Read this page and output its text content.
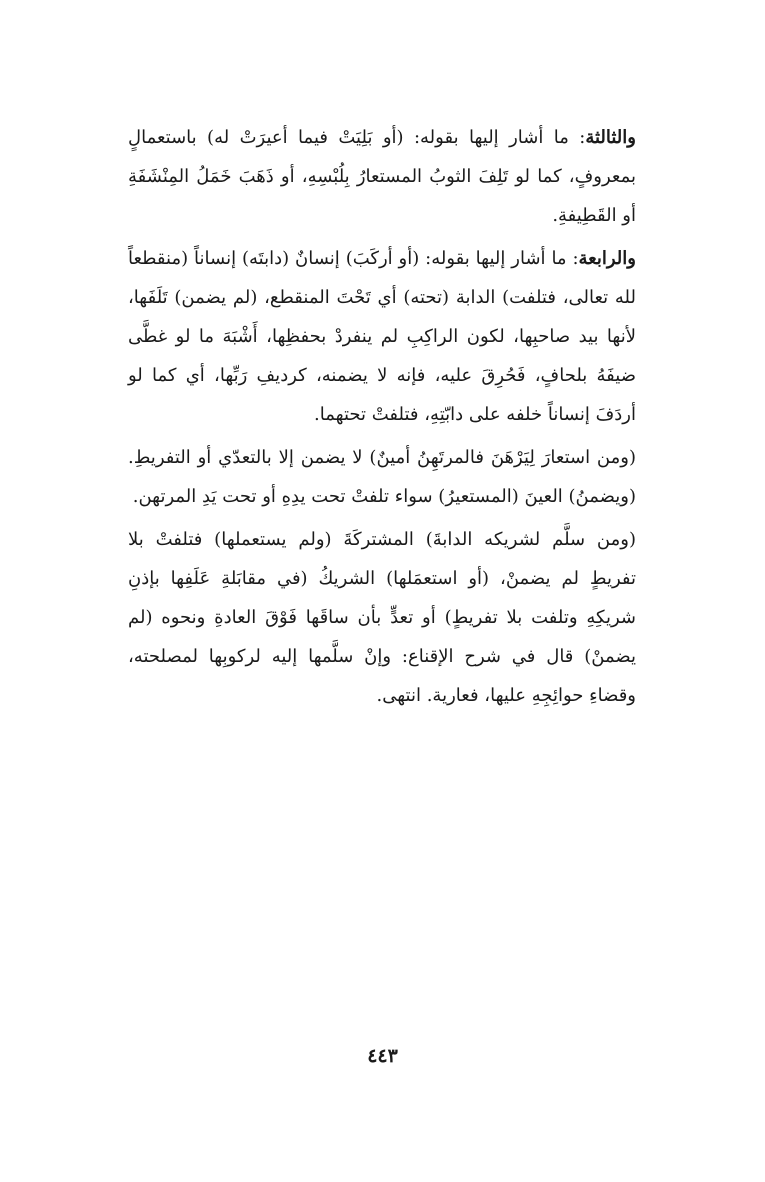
والثالثة: ما أشار إليها بقوله: (أو بَلِيَتْ فيما أعيرَتْ له) باستعمالٍ بمعروفٍ، كما لو تَلِفَ الثوبُ المستعارُ بِلُبْسِهِ، أو ذَهَبَ خَمَلُ المِنْشَفَةِ أو القَطِيفةِ.

والرابعة: ما أشار إليها بقوله: (أو أركَبَ) إنسانٌ (دابتَه) إنساناً (منقطعاً لله تعالى، فتلفت) الدابة (تحته) أي تَحْتَ المنقطع، (لم يضمن) تَلَفَها، لأنها بيد صاحبِها، لكون الراكِبِ لم ينفردْ بحفظِها، أَشْبَهَ ما لو غطَّى ضيفَهُ بلحافٍ، فَحُرِقَ عليه، فإنه لا يضمنه، كرديفِ رَبِّها، أي كما لو أردَفَ إنساناً خلفه على دابّتِهِ، فتلفتْ تحتهما.

(ومن استعارَ لِيَرْهَنَ فالمرتَهِنُ أمينٌ) لا يضمن إلا بالتعدّي أو التفريطِ. (ويضمنُ) العينَ (المستعيرُ) سواء تلفتْ تحت يدِهِ أو تحت يَدِ المرتهن.

(ومن سلَّم لشريكه الدابةَ) المشتركَةَ (ولم يستعملها) فتلفتْ بلا تفريطٍ لم يضمنْ، (أو استعمَلها) الشريكُ (في مقابَلةِ عَلَفِها بإذنِ شريكِهِ وتلفت بلا تفريطٍ) أو تعدٍّ بأن ساقَها فَوْقَ العادةِ ونحوه (لم يضمنْ) قال في شرح الإقناع: وإنْ سلَّمها إليه لركوبِها لمصلحته، وقضاءِ حوائِجِهِ عليها، فعارية. انتهى.

٤٤٣
